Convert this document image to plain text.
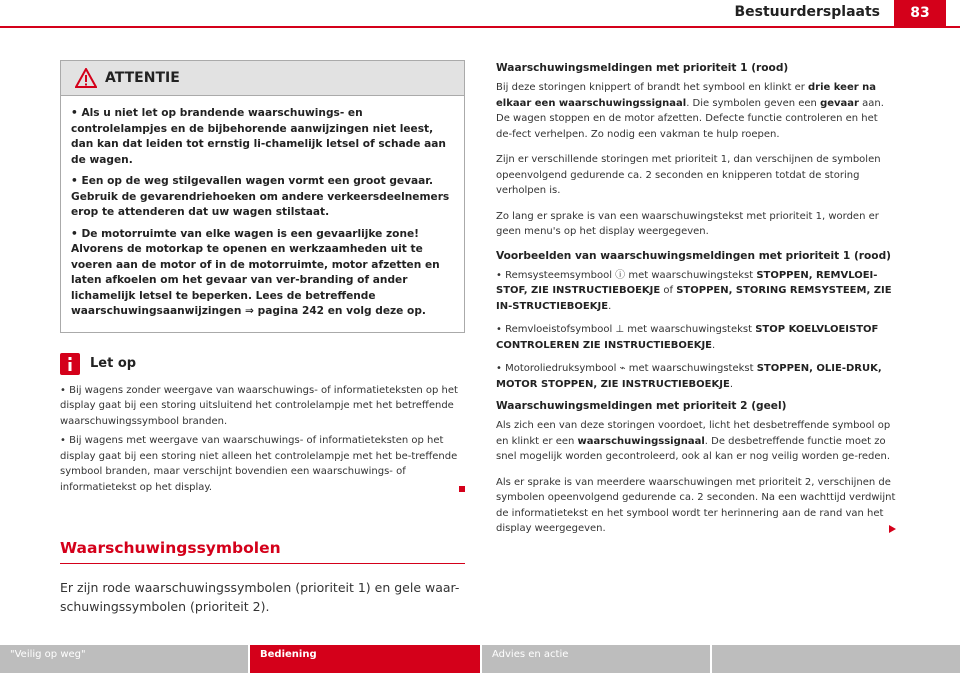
Bestuurdersplaats	83
ATTENTIE

• Als u niet let op brandende waarschuwings- en controlelampjes en de bijbehorende aanwijzingen niet leest, dan kan dat leiden tot ernstig li-chamelijk letsel of schade aan de wagen.

• Een op de weg stilgevallen wagen vormt een groot gevaar. Gebruik de gevarendriehoeken om andere verkeersdeelnemers erop te attenderen dat uw wagen stilstaat.

• De motorruimte van elke wagen is een gevaarlijke zone! Alvorens de motorkap te openen en werkzaamheden uit te voeren aan de motor of in de motorruimte, motor afzetten en laten afkoelen om het gevaar van ver-branding of ander lichamelijk letsel te beperken. Lees de betreffende waarschuwingsaanwijzingen ⇒ pagina 242 en volg deze op.

Let op

• Bij wagens zonder weergave van waarschuwings- of informatieteksten op het display gaat bij een storing uitsluitend het controlelampje met het betreffende waarschuwingssymbool branden.

• Bij wagens met weergave van waarschuwings- of informatieteksten op het display gaat bij een storing niet alleen het controlelampje met het be-treffende symbool branden, maar verschijnt bovendien een waarschuwings- of informatietekst op het display.

Waarschuwingssymbolen

Er zijn rode waarschuwingssymbolen (prioriteit 1) en gele waar-schuwingssymbolen (prioriteit 2).

Waarschuwingsmeldingen met prioriteit 1 (rood)

Bij deze storingen knippert of brandt het symbool en klinkt er drie keer na elkaar een waarschuwingssignaal. Die symbolen geven een gevaar aan. De wagen stoppen en de motor afzetten. Defecte functie controleren en het de-fect verhelpen. Zo nodig een vakman te hulp roepen.

Zijn er verschillende storingen met prioriteit 1, dan verschijnen de symbolen opeenvolgend gedurende ca. 2 seconden en knipperen totdat de storing verholpen is.

Zo lang er sprake is van een waarschuwingstekst met prioriteit 1, worden er geen menu's op het display weergegeven.

Voorbeelden van waarschuwingsmeldingen met prioriteit 1 (rood)

• Remsysteemsymbool ⓘ met waarschuwingstekst STOPPEN, REMVLOEI-STOF, ZIE INSTRUCTIEBOEKJE of STOPPEN, STORING REMSYSTEEM, ZIE IN-STRUCTIEBOEKJE.

• Remvloeistofsymbool ⊥ met waarschuwingstekst STOP KOELVLOEISTOF CONTROLEREN ZIE INSTRUCTIEBOEKJE.

• Motoroliedruksymbool ⌁ met waarschuwingstekst STOPPEN, OLIE-DRUK, MOTOR STOPPEN, ZIE INSTRUCTIEBOEKJE.

Waarschuwingsmeldingen met prioriteit 2 (geel)

Als zich een van deze storingen voordoet, licht het desbetreffende symbool op en klinkt er een waarschuwingssignaal. De desbetreffende functie moet zo snel mogelijk worden gecontroleerd, ook al kan er nog veilig worden ge-reden.

Als er sprake is van meerdere waarschuwingen met prioriteit 2, verschijnen de symbolen opeenvolgend gedurende ca. 2 seconden. Na een wachttijd verdwijnt de informatietekst en het symbool wordt ter herinnering aan de rand van het display weergegeven.

"Veilig op weg"	Bediening	Advies en actie
